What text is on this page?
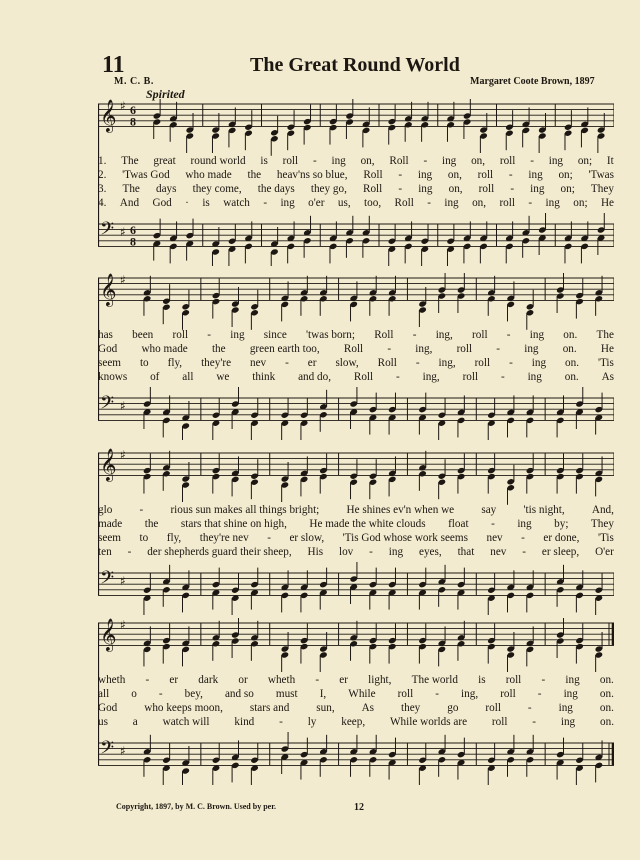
11	The Great Round World
M. C. B.	Margaret Coote Brown, 1897
Spirited
𝄞 ♯
𝄢 ♯
6
8
6
8
1. The great round world is roll - ing on, Roll - ing on, roll - ing on; It
2. 'Twas God who made the heav'ns so blue, Roll - ing on, roll - ing on; 'Twas
3. The days they come, the days they go, Roll - ing on, roll - ing on; They
4. And God · is watch - ing o'er us, too, Roll - ing on, roll - ing on; He
𝄞 ♯
𝄢 ♯
has been roll - ing since 'twas born; Roll - ing, roll - ing on. The
God who made the green earth too, Roll - ing, roll - ing on. He
seem to fly, they're nev - er slow, Roll - ing, roll - ing on. 'Tis
knows of all we think and do, Roll - ing, roll - ing on. As
𝄞 ♯
𝄢 ♯
glo - rious sun makes all things bright; He shines ev'n when we say 'tis night, And,
made the stars that shine on high, He made the white clouds float - ing by; They
seem to fly, they're nev - er slow, 'Tis God whose work seems nev - er done, 'Tis
ten - der shepherds guard their sheep, His lov - ing eyes, that nev - er sleep, O'er
𝄞 ♯
𝄢 ♯
wheth - er dark or wheth - er light, The world is roll - ing on.
all o - bey, and so must I, While roll - ing, roll - ing on.
God who keeps moon, stars and sun, As they go roll - ing on.
us a watch will kind - ly keep, While worlds are roll - ing on.
Copyright, 1897, by M. C. Brown. Used by per.	12
